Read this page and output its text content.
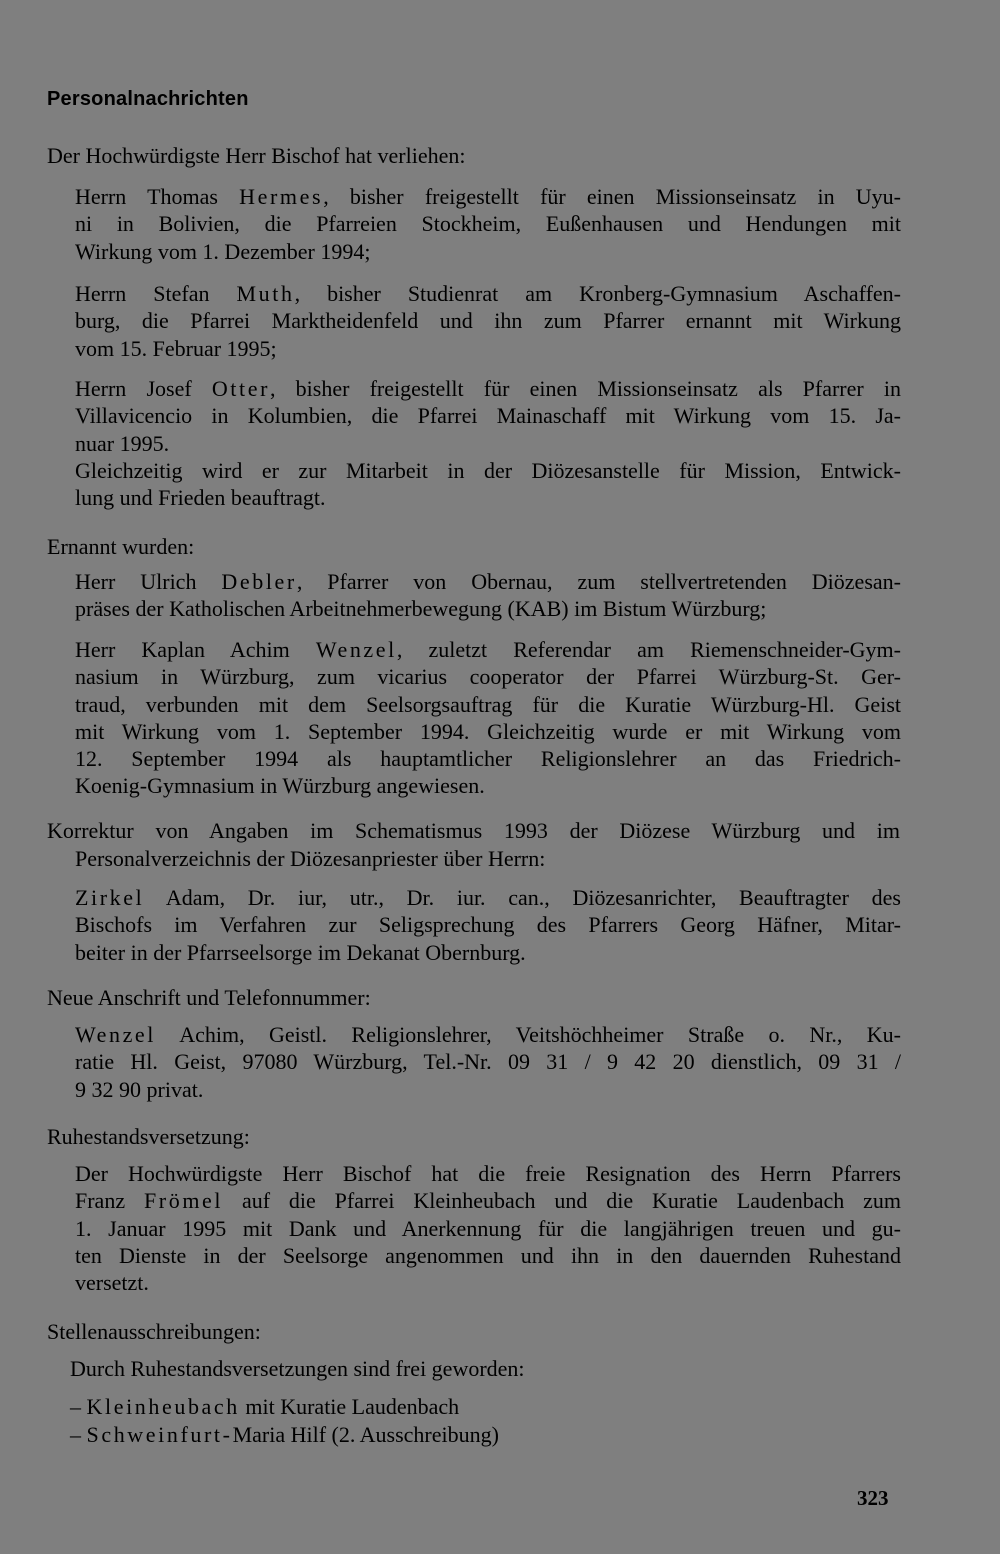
Personalnachrichten
Der Hochwürdigste Herr Bischof hat verliehen:
Herrn Thomas Hermes, bisher freigestellt für einen Missionseinsatz in Uyu-
ni in Bolivien, die Pfarreien Stockheim, Eußenhausen und Hendungen mit
Wirkung vom 1. Dezember 1994;
Herrn Stefan Muth, bisher Studienrat am Kronberg-Gymnasium Aschaffen-
burg, die Pfarrei Marktheidenfeld und ihn zum Pfarrer ernannt mit Wirkung
vom 15. Februar 1995;
Herrn Josef Otter, bisher freigestellt für einen Missionseinsatz als Pfarrer in
Villavicencio in Kolumbien, die Pfarrei Mainaschaff mit Wirkung vom 15. Ja-
nuar 1995.
Gleichzeitig wird er zur Mitarbeit in der Diözesanstelle für Mission, Entwick-
lung und Frieden beauftragt.
Ernannt wurden:
Herr Ulrich Debler, Pfarrer von Obernau, zum stellvertretenden Diözesan-
präses der Katholischen Arbeitnehmerbewegung (KAB) im Bistum Würzburg;
Herr Kaplan Achim Wenzel, zuletzt Referendar am Riemenschneider-Gym-
nasium in Würzburg, zum vicarius cooperator der Pfarrei Würzburg-St. Ger-
traud, verbunden mit dem Seelsorgsauftrag für die Kuratie Würzburg-Hl. Geist
mit Wirkung vom 1. September 1994. Gleichzeitig wurde er mit Wirkung vom
12. September 1994 als hauptamtlicher Religionslehrer an das Friedrich-
Koenig-Gymnasium in Würzburg angewiesen.
Korrektur von Angaben im Schematismus 1993 der Diözese Würzburg und im
Personalverzeichnis der Diözesanpriester über Herrn:
Zirkel Adam, Dr. iur, utr., Dr. iur. can., Diözesanrichter, Beauftragter des
Bischofs im Verfahren zur Seligsprechung des Pfarrers Georg Häfner, Mitar-
beiter in der Pfarrseelsorge im Dekanat Obernburg.
Neue Anschrift und Telefonnummer:
Wenzel Achim, Geistl. Religionslehrer, Veitshöchheimer Straße o. Nr., Ku-
ratie Hl. Geist, 97080 Würzburg, Tel.-Nr. 09 31 / 9 42 20 dienstlich, 09 31 /
9 32 90 privat.
Ruhestandsversetzung:
Der Hochwürdigste Herr Bischof hat die freie Resignation des Herrn Pfarrers
Franz Frömel auf die Pfarrei Kleinheubach und die Kuratie Laudenbach zum
1. Januar 1995 mit Dank und Anerkennung für die langjährigen treuen und gu-
ten Dienste in der Seelsorge angenommen und ihn in den dauernden Ruhestand
versetzt.
Stellenausschreibungen:
Durch Ruhestandsversetzungen sind frei geworden:
– Kleinheubach mit Kuratie Laudenbach
– Schweinfurt-Maria Hilf (2. Ausschreibung)
323
